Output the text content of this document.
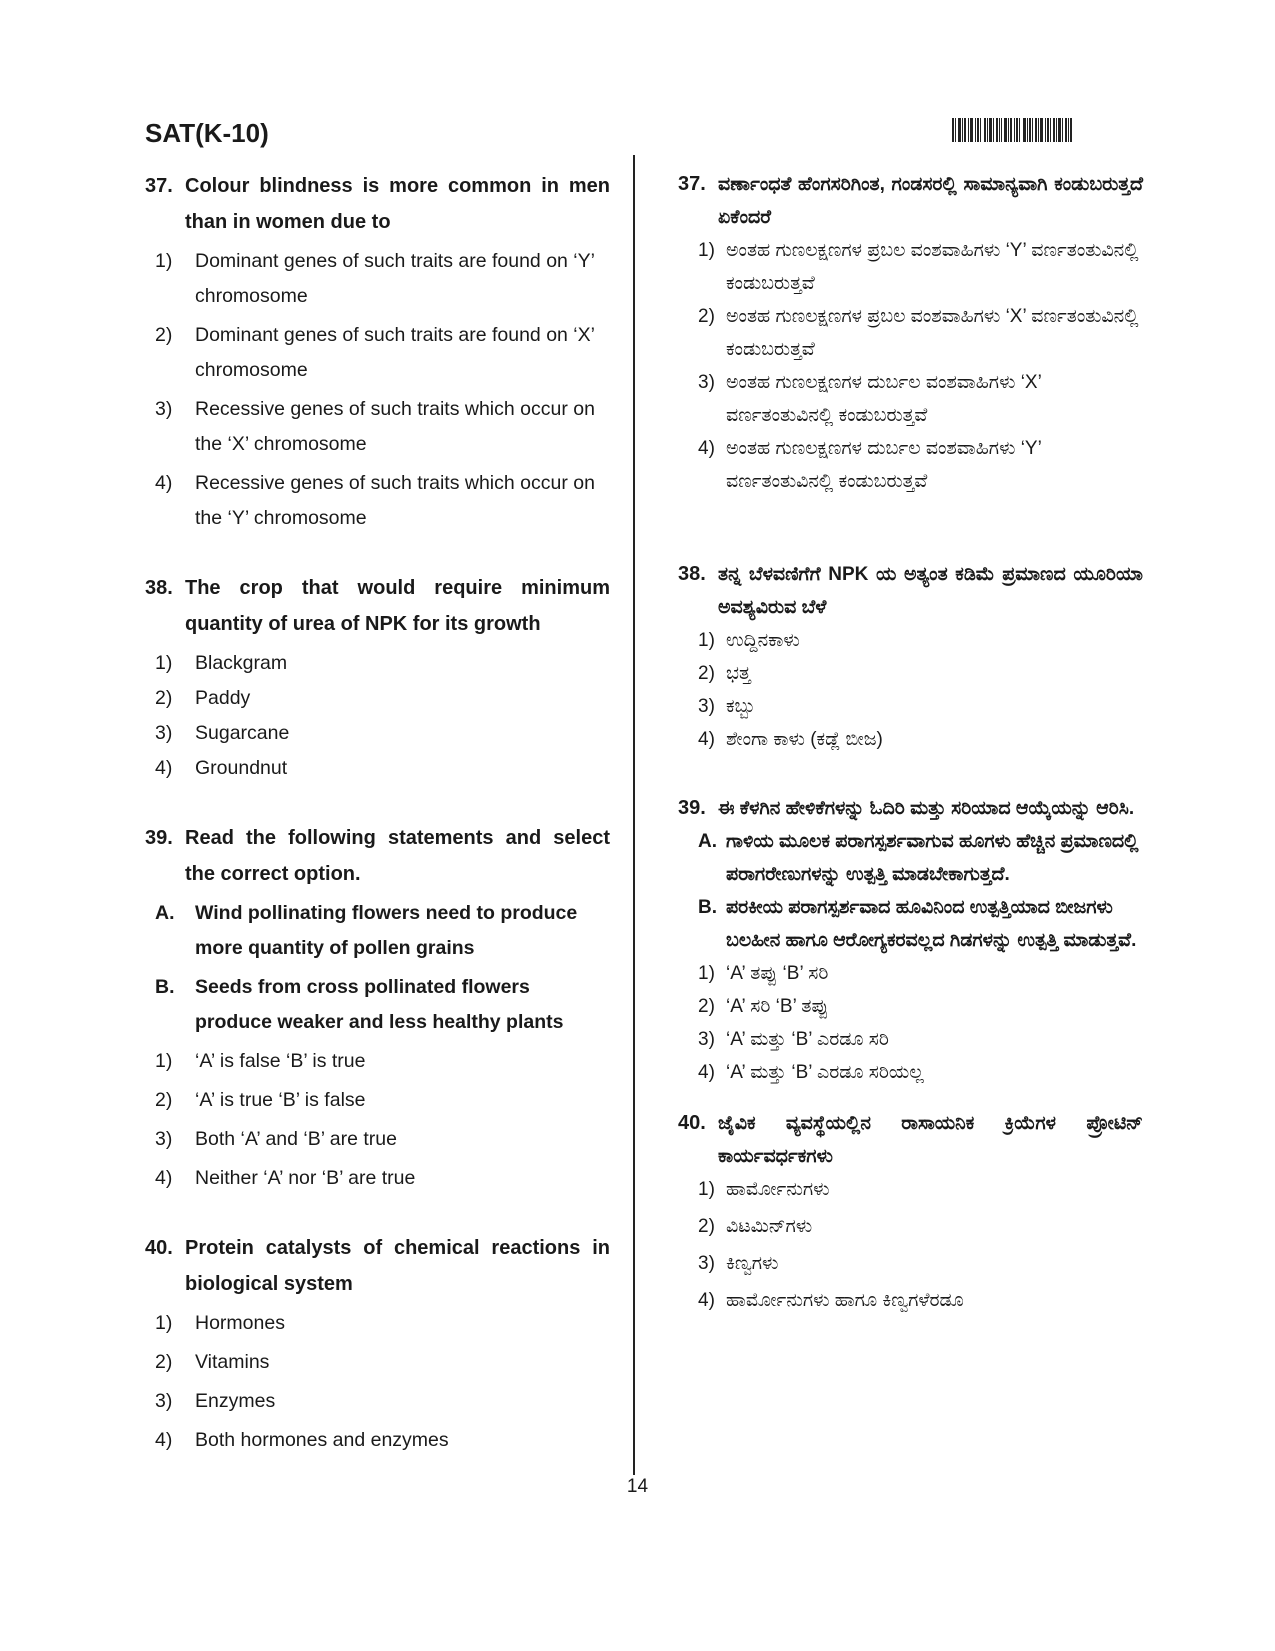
SAT(K-10)
37. Colour blindness is more common in men than in women due to
1) Dominant genes of such traits are found on ‘Y’ chromosome
2) Dominant genes of such traits are found on ‘X’ chromosome
3) Recessive genes of such traits which occur on the ‘X’ chromosome
4) Recessive genes of such traits which occur on the ‘Y’ chromosome
38. The crop that would require minimum quantity of urea of NPK for its growth
1) Blackgram
2) Paddy
3) Sugarcane
4) Groundnut
39. Read the following statements and select the correct option.
A. Wind pollinating flowers need to produce more quantity of pollen grains
B. Seeds from cross pollinated flowers produce weaker and less healthy plants
1) ‘A’ is false ‘B’ is true
2) ‘A’ is true ‘B’ is false
3) Both ‘A’ and ‘B’ are true
4) Neither ‘A’ nor ‘B’ are true
40. Protein catalysts of chemical reactions in biological system
1) Hormones
2) Vitamins
3) Enzymes
4) Both hormones and enzymes
37. ವರ್ಣಾಂಧತೆ ಹೆಂಗಸರಿಗಿಂತ, ಗಂಡಸರಲ್ಲಿ ಸಾಮಾನ್ಯವಾಗಿ ಕಂಡುಬರುತ್ತದೆ ಏಕೆಂದರೆ
1) ಅಂತಹ ಗುಣಲಕ್ಷಣಗಳ ಪ್ರಬಲ ವಂಶವಾಹಿಗಳು ‘Y’ ವರ್ಣತಂತುವಿನಲ್ಲಿ ಕಂಡುಬರುತ್ತವೆ
2) ಅಂತಹ ಗುಣಲಕ್ಷಣಗಳ ಪ್ರಬಲ ವಂಶವಾಹಿಗಳು ‘X’ ವರ್ಣತಂತುವಿನಲ್ಲಿ ಕಂಡುಬರುತ್ತವೆ
3) ಅಂತಹ ಗುಣಲಕ್ಷಣಗಳ ದುರ್ಬಲ ವಂಶವಾಹಿಗಳು ‘X’ ವರ್ಣತಂತುವಿನಲ್ಲಿ ಕಂಡುಬರುತ್ತವೆ
4) ಅಂತಹ ಗುಣಲಕ್ಷಣಗಳ ದುರ್ಬಲ ವಂಶವಾಹಿಗಳು ‘Y’ ವರ್ಣತಂತುವಿನಲ್ಲಿ ಕಂಡುಬರುತ್ತವೆ
38. ತನ್ನ ಬೆಳವಣಿಗೆಗೆ NPK ಯ ಅತ್ಯಂತ ಕಡಿಮೆ ಪ್ರಮಾಣದ ಯೂರಿಯಾ ಅವಶ್ಯವಿರುವ ಬೆಳೆ
1) ಉದ್ದಿನಕಾಳು
2) ಭತ್ತ
3) ಕಬ್ಬು
4) ಶೇಂಗಾ ಕಾಳು (ಕಡ್ಲೆ ಬೀಜ)
39. ಈ ಕೆಳಗಿನ ಹೇಳಿಕೆಗಳನ್ನು ಓದಿರಿ ಮತ್ತು ಸರಿಯಾದ ಆಯ್ಕೆಯನ್ನು ಆರಿಸಿ.
A. ಗಾಳಿಯ ಮೂಲಕ ಪರಾಗಸ್ಪರ್ಶವಾಗುವ ಹೂಗಳು ಹೆಚ್ಚಿನ ಪ್ರಮಾಣದಲ್ಲಿ ಪರಾಗರೇಣುಗಳನ್ನು ಉತ್ಪತ್ತಿ ಮಾಡಬೇಕಾಗುತ್ತದೆ.
B. ಪರಕೀಯ ಪರಾಗಸ್ಪರ್ಶವಾದ ಹೂವಿನಿಂದ ಉತ್ಪತ್ತಿಯಾದ ಬೀಜಗಳು ಬಲಹೀನ ಹಾಗೂ ಆರೋಗ್ಯಕರವಲ್ಲದ ಗಿಡಗಳನ್ನು ಉತ್ಪತ್ತಿ ಮಾಡುತ್ತವೆ.
1) ‘A’ ತಪ್ಪು ‘B’ ಸರಿ
2) ‘A’ ಸರಿ ‘B’ ತಪ್ಪು
3) ‘A’ ಮತ್ತು ‘B’ ಎರಡೂ ಸರಿ
4) ‘A’ ಮತ್ತು ‘B’ ಎರಡೂ ಸರಿಯಲ್ಲ
40. ಜೈವಿಕ ವ್ಯವಸ್ಥೆಯಲ್ಲಿನ ರಾಸಾಯನಿಕ ಕ್ರಿಯೆಗಳ ಪ್ರೋಟಿನ್ ಕಾರ್ಯವರ್ಧಕಗಳು
1) ಹಾರ್ಮೋನುಗಳು
2) ವಿಟಮಿನ್‌ಗಳು
3) ಕಿಣ್ವಗಳು
4) ಹಾರ್ಮೋನುಗಳು ಹಾಗೂ ಕಿಣ್ವಗಳೆರಡೂ
14
